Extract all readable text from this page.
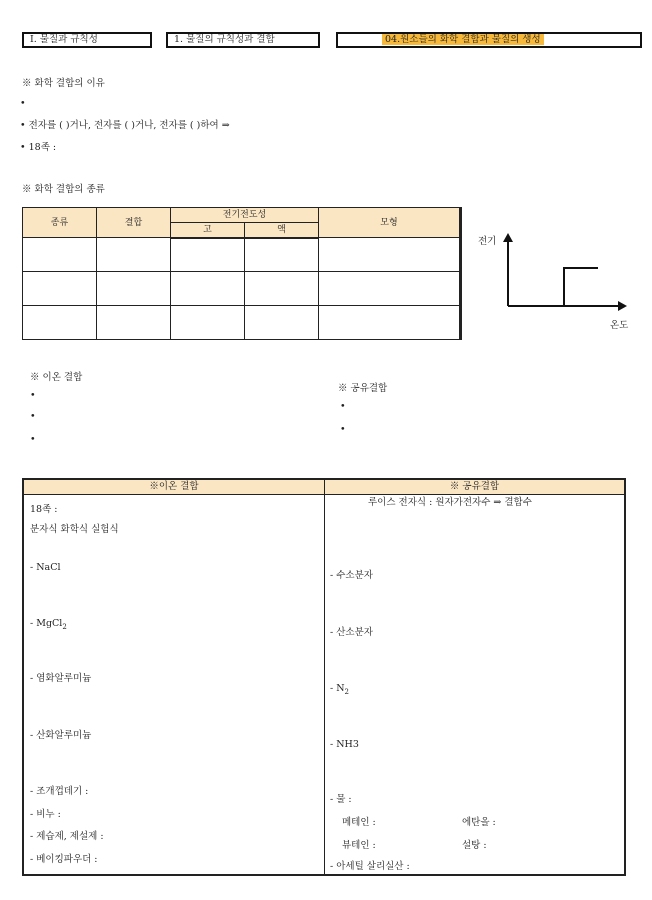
Ⅰ. 물질과 규칙성	1. 물질의 규칙성과 결합	04.원소들의 화학 결합과 물질의 생성
※ 화학 결합의 이유
•
• 전자를 ( )거나, 전자를 ( )거나, 전자를 ( )하여 ⇒
• 18족 :
※ 화학 결합의 종류
종류	결합	전기전도성		모형
		고	액	

전기
온도
※ 이온 결합
•
•
•
※ 공유결합
•
•
※이온 결합	※ 공유결합
18족 :
분자식 화학식 실험식
- NaCl
- MgCl$_2$
- 염화알루미늄
- 산화알루미늄
- 조개껍데기 :
- 비누 :
- 제습제, 제설제 :
- 베이킹파우더 :
루이스 전자식 : 원자가전자수 ⇒ 결합수
- 수소분자
- 산소분자
- $N_2$
- NH3
- 물 :
메테인 :	에탄올 :
뷰테인 :	설탕 :
- 아세틸 살리실산 :
